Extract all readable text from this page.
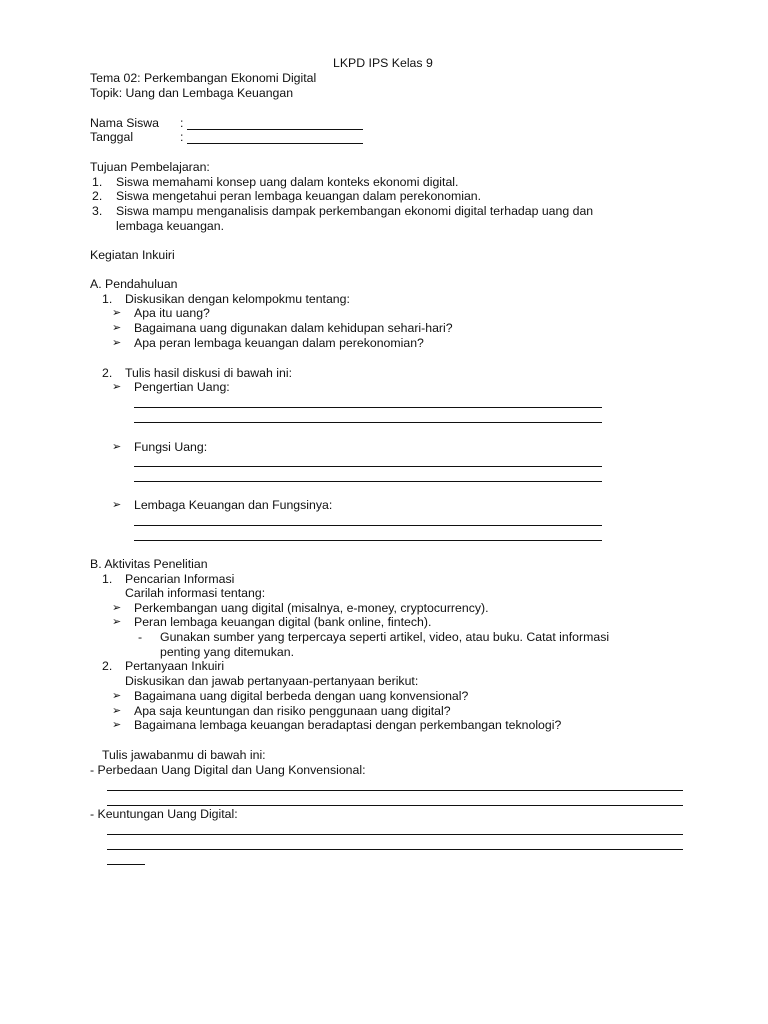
LKPD IPS Kelas 9
Tema 02: Perkembangan Ekonomi Digital
Topik: Uang dan Lembaga Keuangan
Nama Siswa :
Tanggal	:
Tujuan Pembelajaran:
1. Siswa memahami konsep uang dalam konteks ekonomi digital.
2. Siswa mengetahui peran lembaga keuangan dalam perekonomian.
3. Siswa mampu menganalisis dampak perkembangan ekonomi digital terhadap uang dan
lembaga keuangan.
Kegiatan Inkuiri
A. Pendahuluan
1. Diskusikan dengan kelompokmu tentang:
➢ Apa itu uang?
➢ Bagaimana uang digunakan dalam kehidupan sehari-hari?
➢ Apa peran lembaga keuangan dalam perekonomian?
2. Tulis hasil diskusi di bawah ini:
➢ Pengertian Uang:
➢ Fungsi Uang:
➢ Lembaga Keuangan dan Fungsinya:
B. Aktivitas Penelitian
1. Pencarian Informasi
Carilah informasi tentang:
➢ Perkembangan uang digital (misalnya, e-money, cryptocurrency).
➢ Peran lembaga keuangan digital (bank online, fintech).
- Gunakan sumber yang terpercaya seperti artikel, video, atau buku. Catat informasi
penting yang ditemukan.
2. Pertanyaan Inkuiri
Diskusikan dan jawab pertanyaan-pertanyaan berikut:
➢ Bagaimana uang digital berbeda dengan uang konvensional?
➢ Apa saja keuntungan dan risiko penggunaan uang digital?
➢ Bagaimana lembaga keuangan beradaptasi dengan perkembangan teknologi?
Tulis jawabanmu di bawah ini:
- Perbedaan Uang Digital dan Uang Konvensional:
- Keuntungan Uang Digital:
